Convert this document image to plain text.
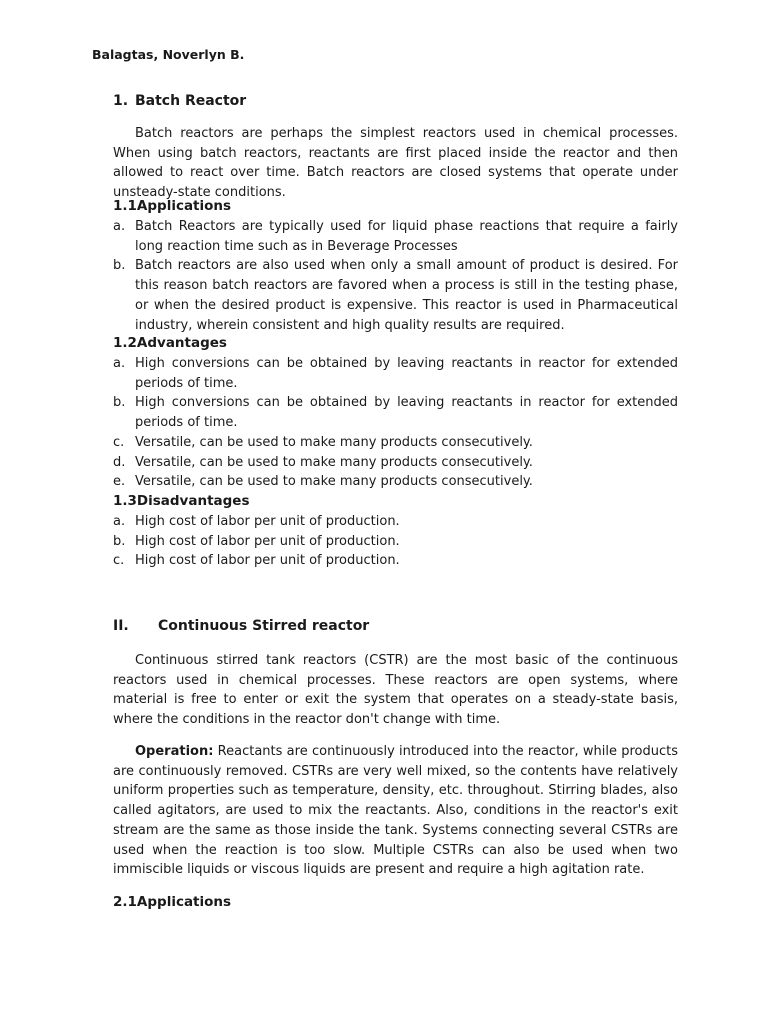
Balagtas, Noverlyn B.
1. Batch Reactor
Batch reactors are perhaps the simplest reactors used in chemical processes. When using batch reactors, reactants are first placed inside the reactor and then allowed to react over time. Batch reactors are closed systems that operate under unsteady-state conditions.
1.1Applications
a. Batch Reactors are typically used for liquid phase reactions that require a fairly long reaction time such as in Beverage Processes
b. Batch reactors are also used when only a small amount of product is desired. For this reason batch reactors are favored when a process is still in the testing phase, or when the desired product is expensive. This reactor is used in Pharmaceutical industry, wherein consistent and high quality results are required.
1.2Advantages
a. High conversions can be obtained by leaving reactants in reactor for extended periods of time.
b. High conversions can be obtained by leaving reactants in reactor for extended periods of time.
c. Versatile, can be used to make many products consecutively.
d. Versatile, can be used to make many products consecutively.
e. Versatile, can be used to make many products consecutively.
1.3Disadvantages
a. High cost of labor per unit of production.
b. High cost of labor per unit of production.
c. High cost of labor per unit of production.
II. Continuous Stirred reactor
Continuous stirred tank reactors (CSTR) are the most basic of the continuous reactors used in chemical processes. These reactors are open systems, where material is free to enter or exit the system that operates on a steady-state basis, where the conditions in the reactor don't change with time.
Operation: Reactants are continuously introduced into the reactor, while products are continuously removed. CSTRs are very well mixed, so the contents have relatively uniform properties such as temperature, density, etc. throughout. Stirring blades, also called agitators, are used to mix the reactants. Also, conditions in the reactor's exit stream are the same as those inside the tank. Systems connecting several CSTRs are used when the reaction is too slow. Multiple CSTRs can also be used when two immiscible liquids or viscous liquids are present and require a high agitation rate.
2.1Applications
